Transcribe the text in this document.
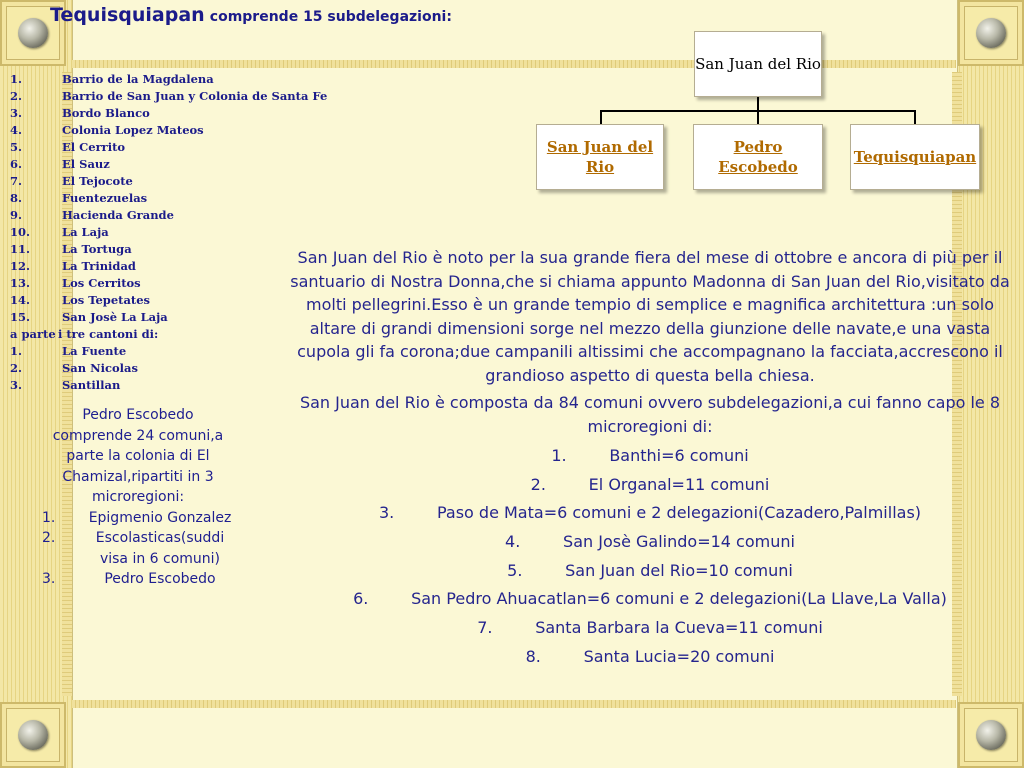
Tequisquiapan comprende 15 subdelegazioni:
1.	Barrio de la Magdalena
2.	Barrio de San Juan y Colonia de Santa Fe
3.	Bordo Blanco
4.	Colonia Lopez Mateos
5.	El Cerrito
6.	El Sauz
7.	El Tejocote
8.	Fuentezuelas
9.	Hacienda Grande
10.	La Laja
11.	La Tortuga
12.	La Trinidad
13.	Los Cerritos
14.	Los Tepetates
15.	San Josè La Laja
a parte i tre cantoni di:
1.	La Fuente
2.	San Nicolas
3.	Santillan
Pedro Escobedo comprende 24 comuni,a parte la colonia di El Chamizal,ripartiti in 3 microregioni:
1. Epigmenio Gonzalez
2.	Escolasticas(suddi visa in 6 comuni)
3.	Pedro Escobedo
San Juan del Rio
San Juan del Rio
Pedro Escobedo
Tequisquiapan

San Juan del Rio è noto per la sua grande fiera del mese di ottobre e ancora di più per il santuario di Nostra Donna,che si chiama appunto Madonna di San Juan del Rio,visitato da molti pellegrini.Esso è un grande tempio di semplice e magnifica architettura :un solo altare di grandi dimensioni sorge nel mezzo della giunzione delle navate,e una vasta cupola gli fa corona;due campanili altissimi che accompagnano la facciata,accrescono il grandioso aspetto di questa bella chiesa.

San Juan del Rio è composta da 84 comuni ovvero subdelegazioni,a cui fanno capo le 8 microregioni di:

1.	Banthi=6 comuni
2.	El Organal=11 comuni
3.	Paso de Mata=6 comuni e 2 delegazioni(Cazadero,Palmillas)
4.	San Josè Galindo=14 comuni
5.	San Juan del Rio=10 comuni
6.	San Pedro Ahuacatlan=6 comuni e 2 delegazioni(La Llave,La Valla)
7.	Santa Barbara la Cueva=11 comuni
8.	Santa Lucia=20 comuni
